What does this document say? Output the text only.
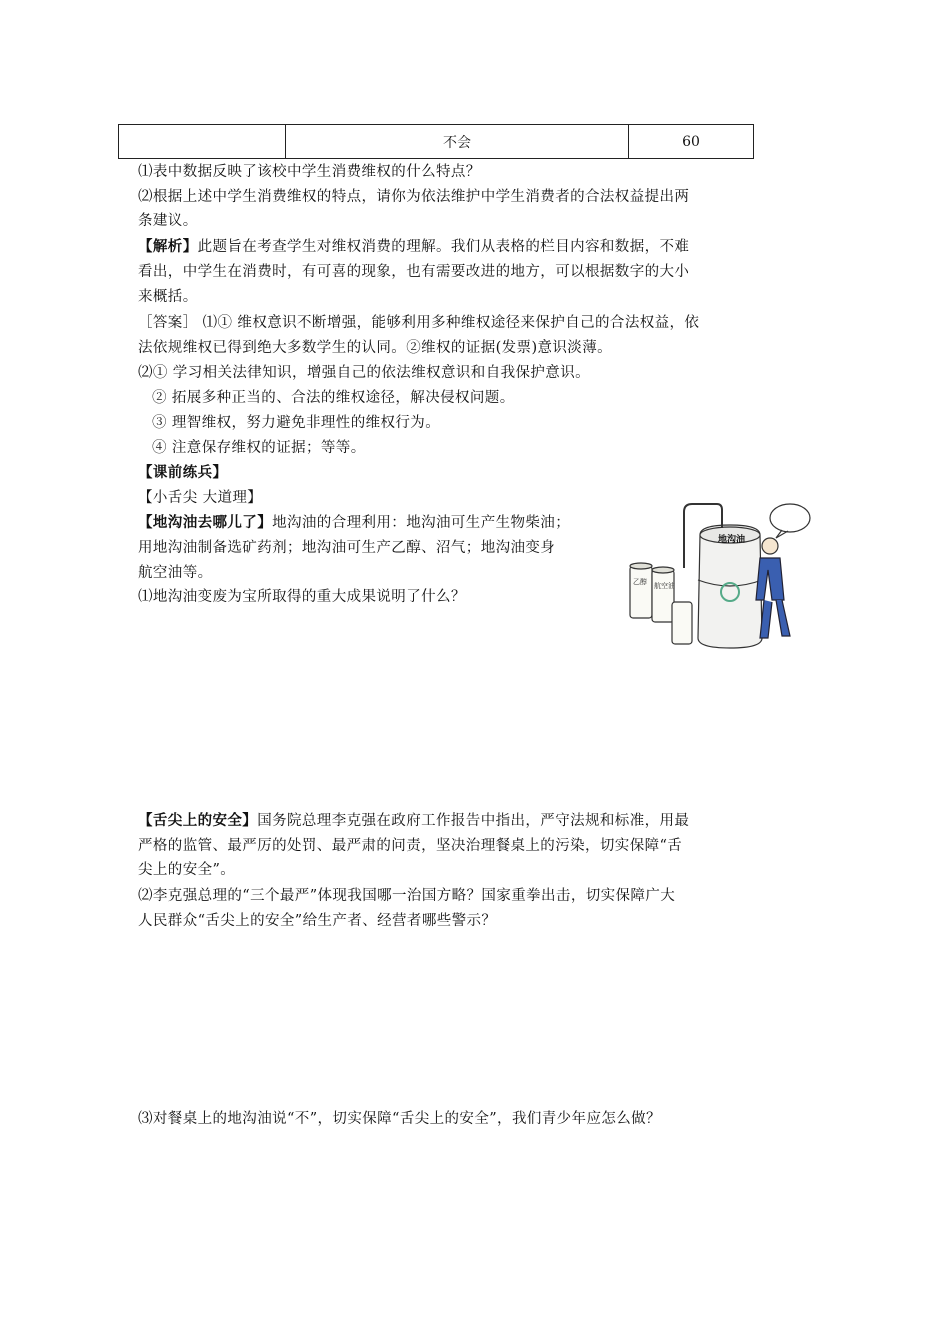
	不会	60
⑴表中数据反映了该校中学生消费维权的什么特点？
⑵根据上述中学生消费维权的特点，请你为依法维护中学生消费者的合法权益提出两
条建议。
【解析】此题旨在考查学生对维权消费的理解。我们从表格的栏目内容和数据，不难
看出，中学生在消费时，有可喜的现象，也有需要改进的地方，可以根据数字的大小
来概括。
［答案］ ⑴① 维权意识不断增强，能够利用多种维权途径来保护自己的合法权益，依
法依规维权已得到绝大多数学生的认同。②维权的证据(发票)意识淡薄。
⑵① 学习相关法律知识，增强自己的依法维权意识和自我保护意识。
② 拓展多种正当的、合法的维权途径，解决侵权问题。
③ 理智维权，努力避免非理性的维权行为。
④ 注意保存维权的证据；等等。
【课前练兵】
【小舌尖 大道理】
【地沟油去哪儿了】地沟油的合理利用：地沟油可生产生物柴油；
用地沟油制备选矿药剂；地沟油可生产乙醇、沼气；地沟油变身
航空油等。
⑴地沟油变废为宝所取得的重大成果说明了什么？
地沟油
乙醇 航空油
【舌尖上的安全】国务院总理李克强在政府工作报告中指出，严守法规和标准，用最
严格的监管、最严厉的处罚、最严肃的问责，坚决治理餐桌上的污染，切实保障“舌
尖上的安全”。
⑵李克强总理的“三个最严”体现我国哪一治国方略？国家重拳出击，切实保障广大
人民群众“舌尖上的安全”给生产者、经营者哪些警示？
⑶对餐桌上的地沟油说“不”，切实保障“舌尖上的安全”，我们青少年应怎么做？
